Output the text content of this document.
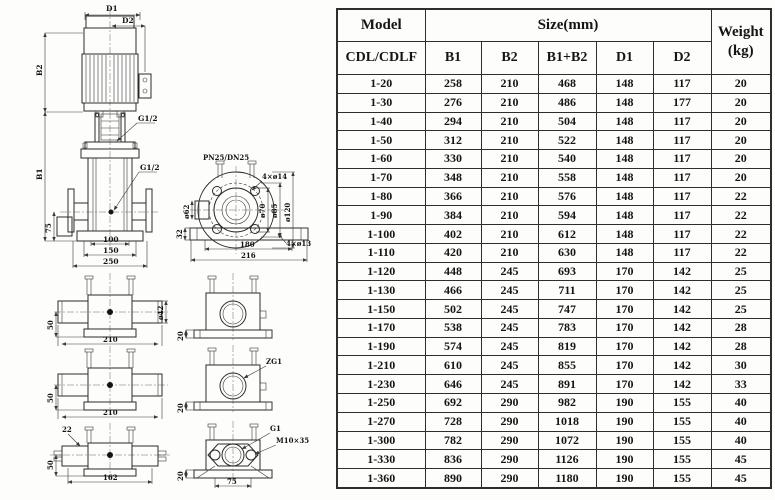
G1/2
G1/2
D1
D2
B2
B1
75
100
150
250
PN25/DN25
ø62
4×ø14
ø70 ø85 ø120
32
180
216
4×ø13
50
210
ø42
20
50
210
ZG1
20
22
50
162
G1
M10×35
75
20
Model	Size(mm)					Weight
(kg)

CDL/CDLF	B1	B2	B1+B2	D1	D2	
1-20	258	210	468	148	117	20
1-30	276	210	486	148	177	20
1-40	294	210	504	148	117	20
1-50	312	210	522	148	117	20
1-60	330	210	540	148	117	20
1-70	348	210	558	148	117	20
1-80	366	210	576	148	117	22
1-90	384	210	594	148	117	22
1-100	402	210	612	148	117	22
1-110	420	210	630	148	117	22
1-120	448	245	693	170	142	25
1-130	466	245	711	170	142	25
1-150	502	245	747	170	142	25
1-170	538	245	783	170	142	28
1-190	574	245	819	170	142	28
1-210	610	245	855	170	142	30
1-230	646	245	891	170	142	33
1-250	692	290	982	190	155	40
1-270	728	290	1018	190	155	40
1-300	782	290	1072	190	155	40
1-330	836	290	1126	190	155	45
1-360	890	290	1180	190	155	45
